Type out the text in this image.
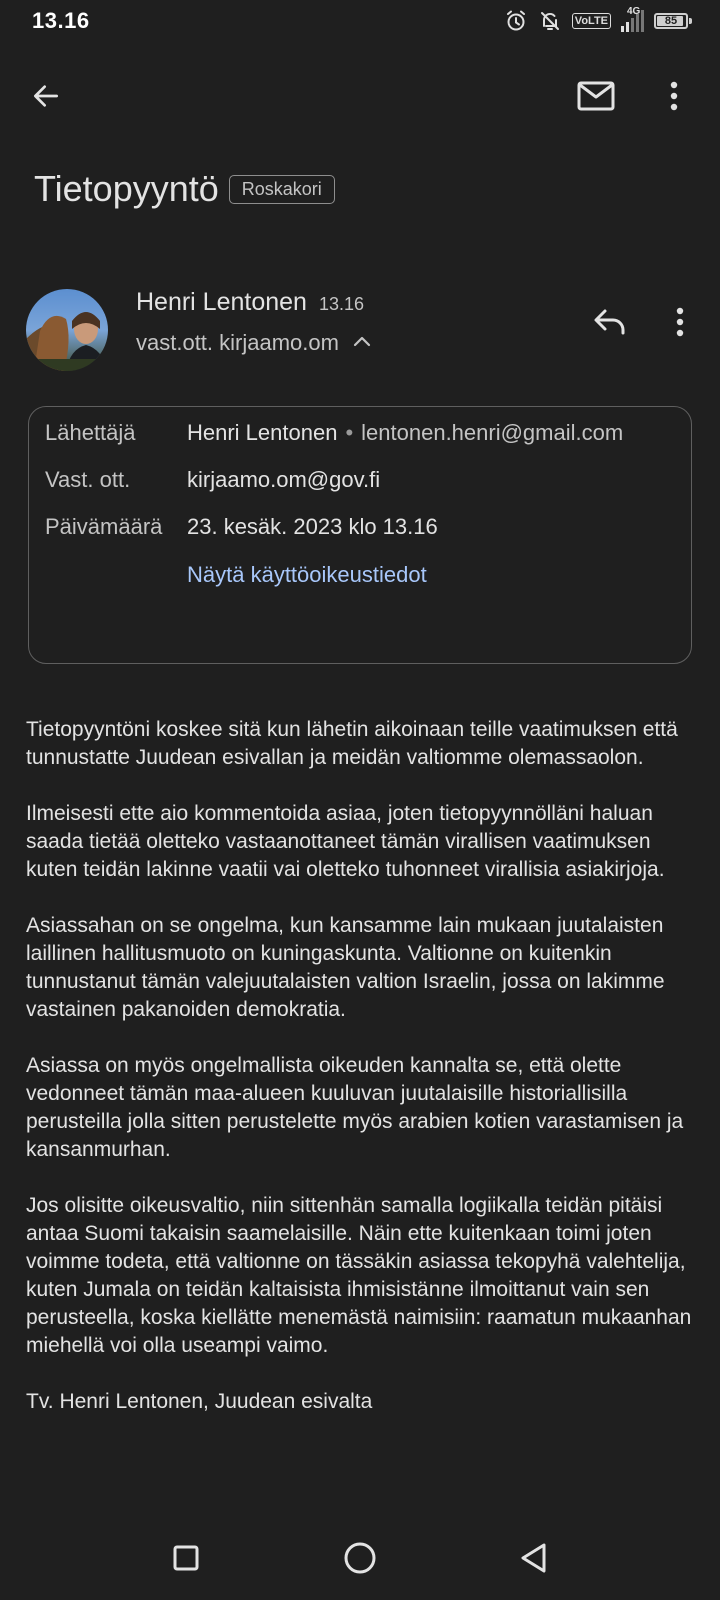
13.16	VoLTE
4G
85
Tietopyyntö	Roskakori
Henri Lentonen 13.16
vast.ott. kirjaamo.om
Lähettäjä	Henri Lentonen • lentonen.henri@gmail.com
Vast. ott.	kirjaamo.om@gov.fi
Päivämäärä	23. kesäk. 2023 klo 13.16
Näytä käyttöoikeustiedot

Tietopyyntöni koskee sitä kun lähetin aikoinaan teille vaatimuksen että tunnustatte Juudean esivallan ja meidän valtiomme olemassaolon.

Ilmeisesti ette aio kommentoida asiaa, joten tietopyynnölläni haluan saada tietää oletteko vastaanottaneet tämän virallisen vaatimuksen kuten teidän lakinne vaatii vai oletteko tuhonneet virallisia asiakirjoja.

Asiassahan on se ongelma, kun kansamme lain mukaan juutalaisten laillinen hallitusmuoto on kuningaskunta. Valtionne on kuitenkin tunnustanut tämän valejuutalaisten valtion Israelin, jossa on lakimme vastainen pakanoiden demokratia.

Asiassa on myös ongelmallista oikeuden kannalta se, että olette vedonneet tämän maa-alueen kuuluvan juutalaisille historiallisilla perusteilla jolla sitten perustelette myös arabien kotien varastamisen ja kansanmurhan.

Jos olisitte oikeusvaltio, niin sittenhän samalla logiikalla teidän pitäisi antaa Suomi takaisin saamelaisille. Näin ette kuitenkaan toimi joten voimme todeta, että valtionne on tässäkin asiassa tekopyhä valehtelija, kuten Jumala on teidän kaltaisista ihmisistänne ilmoittanut vain sen perusteella, koska kiellätte menemästä naimisiin: raamatun mukaanhan miehellä voi olla useampi vaimo.

Tv. Henri Lentonen, Juudean esivalta
